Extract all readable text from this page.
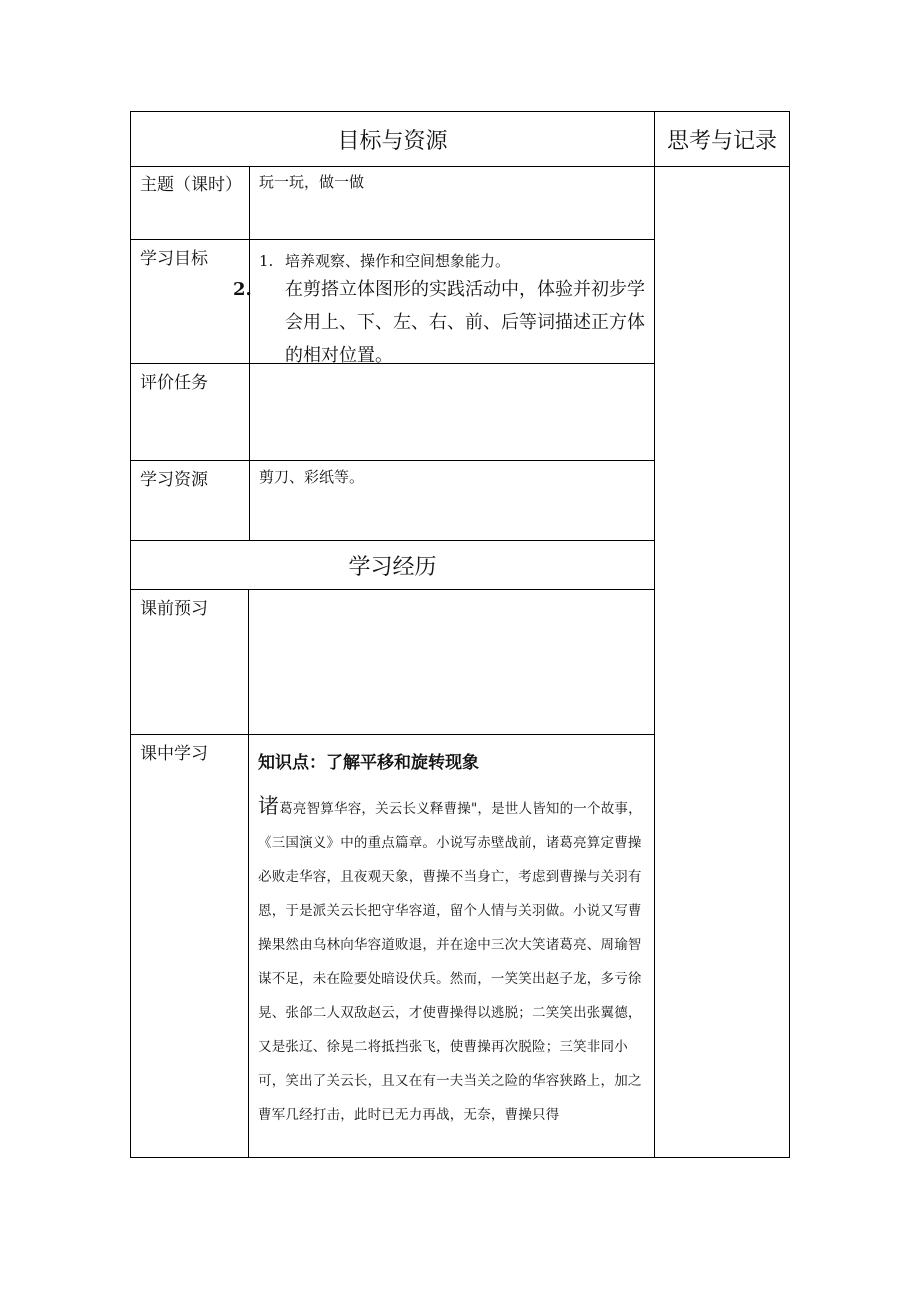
目标与资源	思考与记录
学习经历
主题（课时） 玩一玩，做一做
学习目标	1. 培养观察、操作和空间想象能力。
2. 在剪搭立体图形的实践活动中，体验并初步学会用上、下、左、右、前、后等词描述正方体的相对位置。
评价任务
学习资源	剪刀、彩纸等。
课前预习
课中学习	知识点：了解平移和旋转现象
诸葛亮智算华容，关云长义释曹操"，是世人皆知的一个故事，《三国演义》中的重点篇章。小说写赤壁战前，诸葛亮算定曹操必败走华容，且夜观天象，曹操不当身亡，考虑到曹操与关羽有恩，于是派关云长把守华容道，留个人情与关羽做。小说又写曹操果然由乌林向华容道败退，并在途中三次大笑诸葛亮、周瑜智谋不足，未在险要处暗设伏兵。然而，一笑笑出赵子龙，多亏徐晃、张郃二人双敌赵云，才使曹操得以逃脱；二笑笑出张翼德，又是张辽、徐晃二将抵挡张飞，使曹操再次脱险；三笑非同小可，笑出了关云长，且又在有一夫当关之险的华容狭路上，加之曹军几经打击，此时已无力再战，无奈，曹操只得
